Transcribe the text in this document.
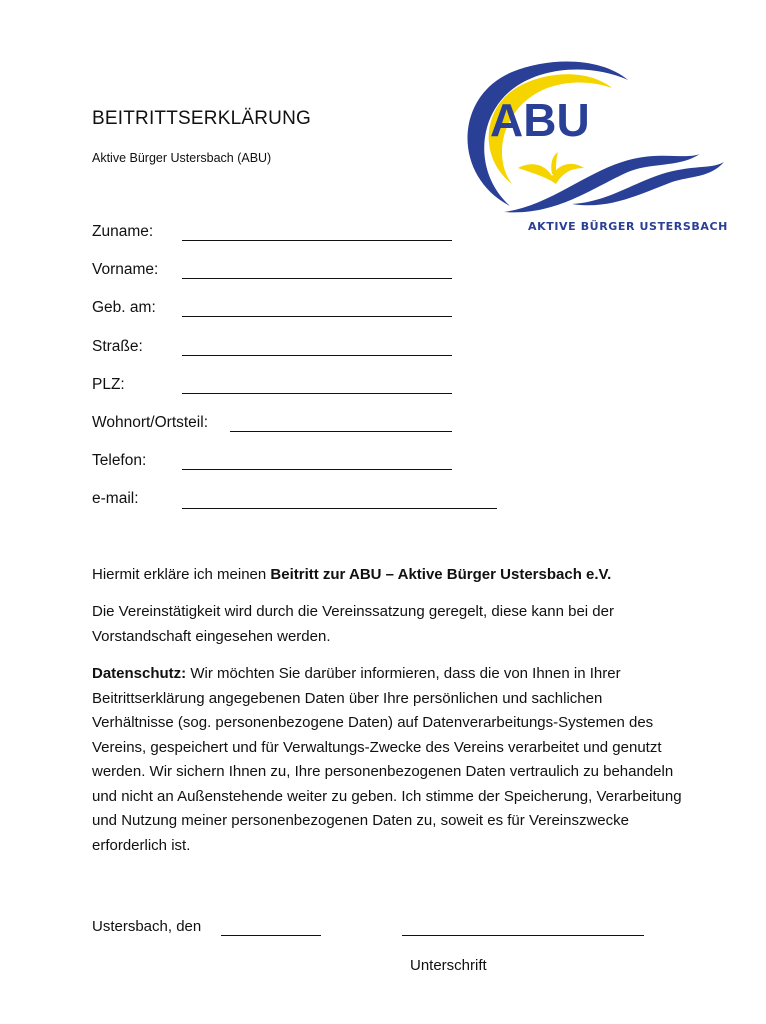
BEITRITTSERKLÄRUNG
Aktive Bürger Ustersbach (ABU)
ABU
AKTIVE BÜRGER USTERSBACH
Zuname:
Vorname:
Geb. am:
Straße:
PLZ:
Wohnort/Ortsteil:
Telefon:
e-mail:
Hiermit erkläre ich meinen Beitritt zur ABU – Aktive Bürger Ustersbach e.V.
Die Vereinstätigkeit wird durch die Vereinssatzung geregelt, diese kann bei der Vorstandschaft eingesehen werden.
Datenschutz: Wir möchten Sie darüber informieren, dass die von Ihnen in Ihrer Beitrittserklärung angegebenen Daten über Ihre persönlichen und sachlichen Verhältnisse (sog. personenbezogene Daten) auf Datenverarbeitungs-Systemen des Vereins, gespeichert und für Verwaltungs-Zwecke des Vereins verarbeitet und genutzt werden. Wir sichern Ihnen zu, Ihre personenbezogenen Daten vertraulich zu behandeln und nicht an Außenstehende weiter zu geben. Ich stimme der Speicherung, Verarbeitung und Nutzung meiner personenbezogenen Daten zu, soweit es für Vereinszwecke erforderlich ist.
Ustersbach, den
Unterschrift
